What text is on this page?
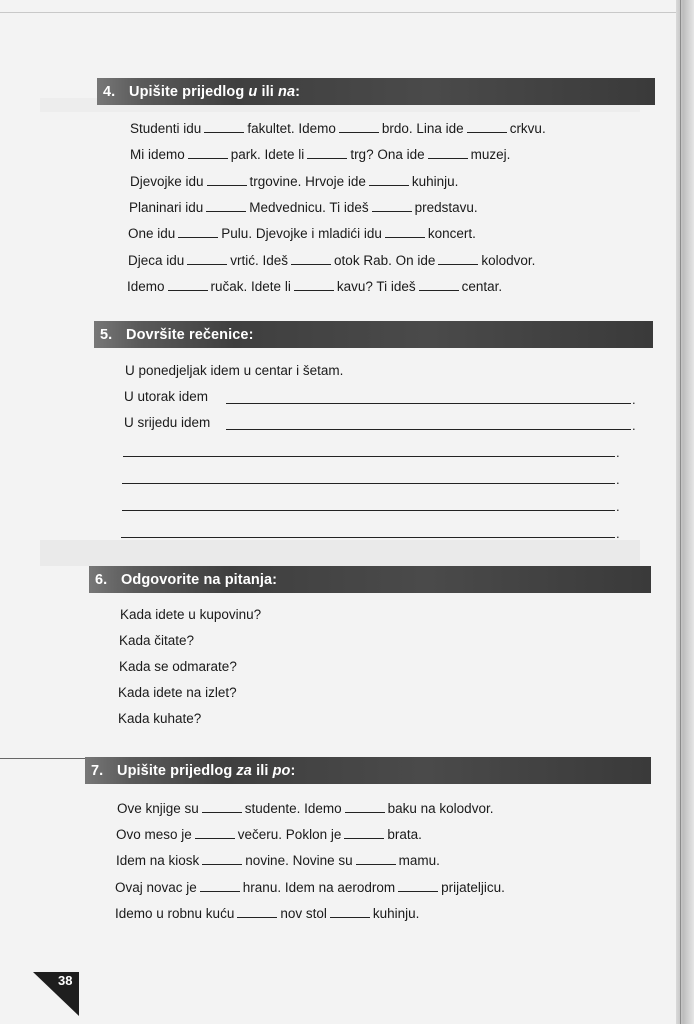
4. Upišite prijedlog u ili na:
Studenti idu	fakultet. Idemo	brdo. Lina ide	crkvu.
Mi idemo	park. Idete li	trg? Ona ide	muzej.
Djevojke idu	trgovine. Hrvoje ide	kuhinju.
Planinari idu	Medvednicu. Ti ideš	predstavu.
One idu	Pulu. Djevojke i mladići idu	koncert.
Djeca idu	vrtić. Ideš	otok Rab. On ide	kolodvor.
Idemo	ručak. Idete li	kavu? Ti ideš	centar.
5. Dovršite rečenice:
U ponedjeljak idem u centar i šetam.
U utorak idem	.
U srijedu idem	.
.
.
.
.
6. Odgovorite na pitanja:
Kada idete u kupovinu?
Kada čitate?
Kada se odmarate?
Kada idete na izlet?
Kada kuhate?
7. Upišite prijedlog za ili po:
Ove knjige su	studente. Idemo	baku na kolodvor.
Ovo meso je	večeru. Poklon je	brata.
Idem na kiosk	novine. Novine su	mamu.
Ovaj novac je	hranu. Idem na aerodrom	prijateljicu.
Idemo u robnu kuću	nov stol	kuhinju.
38
